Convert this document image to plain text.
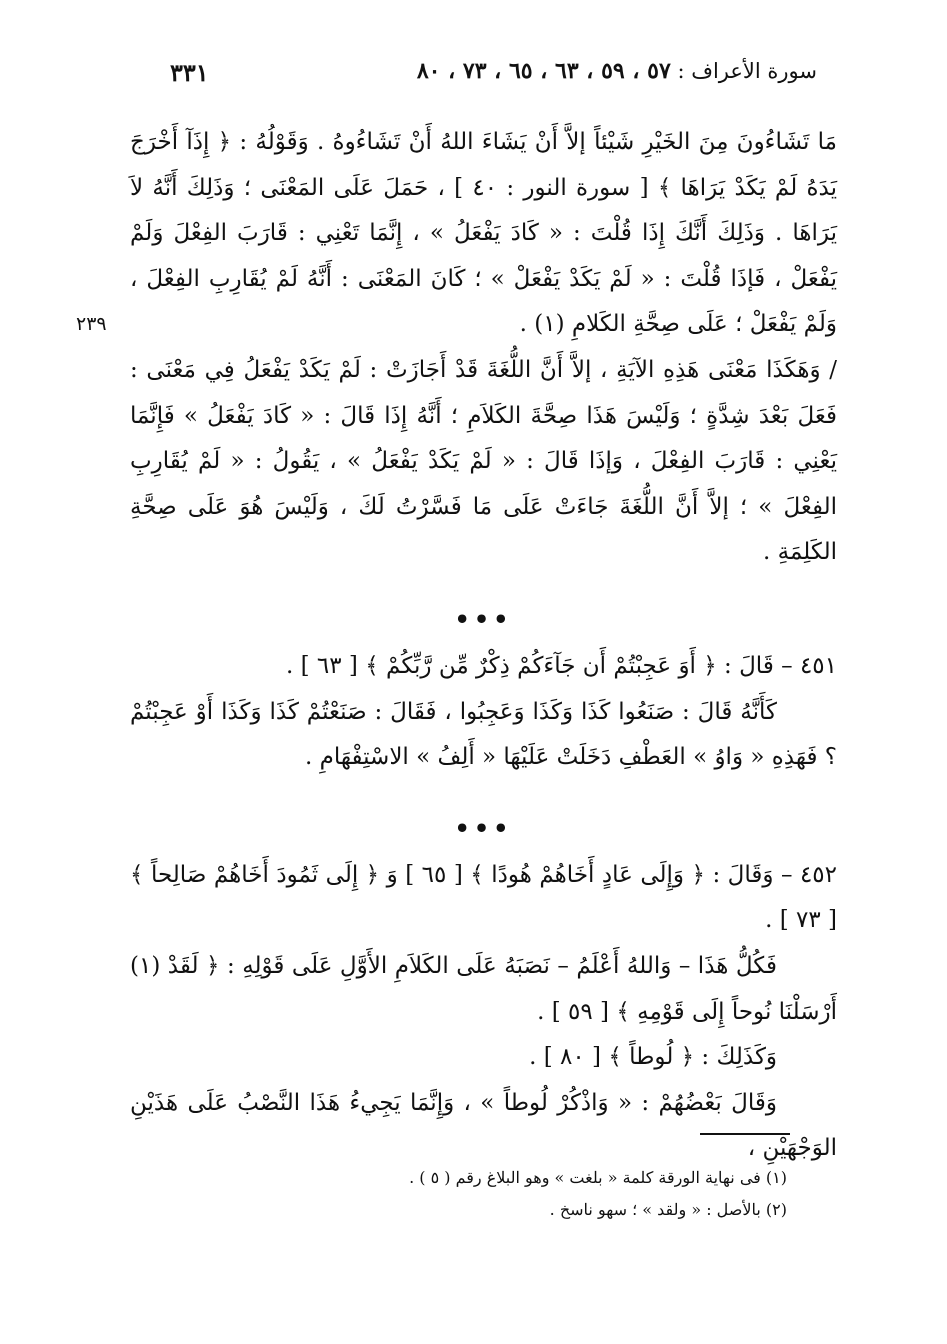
سورة الأعراف : ٥٧ ، ٥٩ ، ٦٣ ، ٦٥ ، ٧٣ ، ٨٠
٣٣١
٢٣٩

مَا تَشَاءُونَ مِنَ الخَيْرِ شَيْئاً إلاَّ أَنْ يَشَاءَ اللهُ أَنْ تَشَاءُوهُ . وَقَوْلُهُ : ﴿ إِذَآ أَخْرَجَ يَدَهُ لَمْ يَكَدْ يَرَاهَا ﴾ [ سورة النور : ٤٠ ] ، حَمَلَ عَلَى المَعْنَى ؛ وَذَلِكَ أَنَّهُ لاَ يَرَاهَا . وَذَلِكَ أَنَّكَ إِذَا قُلْتَ : « كَادَ يَفْعَلُ » ، إِنَّمَا تَعْنِي : قَارَبَ الفِعْلَ وَلَمْ يَفْعَلْ ، فَإذَا قُلْتَ : « لَمْ يَكَدْ يَفْعَلْ » ؛ كَانَ المَعْنَى : أَنَّهُ لَمْ يُقَارِبِ الفِعْلَ ، وَلَمْ يَفْعَلْ ؛ عَلَى صِحَّةِ الكَلامِ (١) .

/ وَهَكَذَا مَعْنَى هَذِهِ الآيَةِ ، إلاَّ أَنَّ اللُّغَةَ قَدْ أَجَازَتْ : لَمْ يَكَدْ يَفْعَلُ فِي مَعْنَى : فَعَلَ بَعْدَ شِدَّةٍ ؛ وَلَيْسَ هَذَا صِحَّةَ الكَلاَمِ ؛ أَنَّهُ إِذَا قَالَ : « كَادَ يَفْعَلُ » فَإِنَّمَا يَعْنِي : قَارَبَ الفِعْلَ ، وَإذَا قَالَ : « لَمْ يَكَدْ يَفْعَلُ » ، يَقُولُ : « لَمْ يُقَارِبِ الفِعْلَ » ؛ إلاَّ أَنَّ اللُّغَةَ جَاءَتْ عَلَى مَا فَسَّرْتُ لَكَ ، وَلَيْسَ هُوَ عَلَى صِحَّةِ الكَلِمَةِ .

•••

٤٥١ – قَالَ : ﴿ أَوَ عَجِبْتُمْ أَن جَآءَكُمْ ذِكْرٌ مِّن رَّبِّكُمْ ﴾ [ ٦٣ ] .

كَأَنَّهُ قَالَ : صَنَعُوا كَذَا وَكَذَا وَعَجِبُوا ، فَقَالَ : صَنَعْتُمْ كَذَا وَكَذَا أَوْ عَجِبْتُمْ ؟ فَهَذِهِ « وَاوُ » العَطْفِ دَخَلَتْ عَلَيْهَا « أَلِفُ » الاسْتِفْهَامِ .

•••

٤٥٢ – وَقَالَ : ﴿ وَإِلَى عَادٍ أَخَاهُمْ هُودًا ﴾ [ ٦٥ ] وَ ﴿ إِلَى ثَمُودَ أَخَاهُمْ صَالِحاً ﴾ [ ٧٣ ] .

فَكُلُّ هَذَا – وَاللهُ أَعْلَمُ – نَصَبَهُ عَلَى الكَلاَمِ الأَوَّلِ عَلَى قَوْلِهِ : ﴿ لَقَدْ (١) أَرْسَلْنَا نُوحاً إِلَى قَوْمِهِ ﴾ [ ٥٩ ] .

وَكَذَلِكَ : ﴿ لُوطاً ﴾ [ ٨٠ ] .

وَقَالَ بَعْضُهُمْ : « وَاذْكُرْ لُوطاً » ، وَإِنَّمَا يَجِيءُ هَذَا النَّصْبُ عَلَى هَذَيْنِ الوَجْهَيْنِ ،

(١) فى نهاية الورقة كلمة « بلغت » وهو البلاغ رقم ( ٥ ) .
(٢) بالأصل : « ولقد » ؛ سهو ناسخ .
